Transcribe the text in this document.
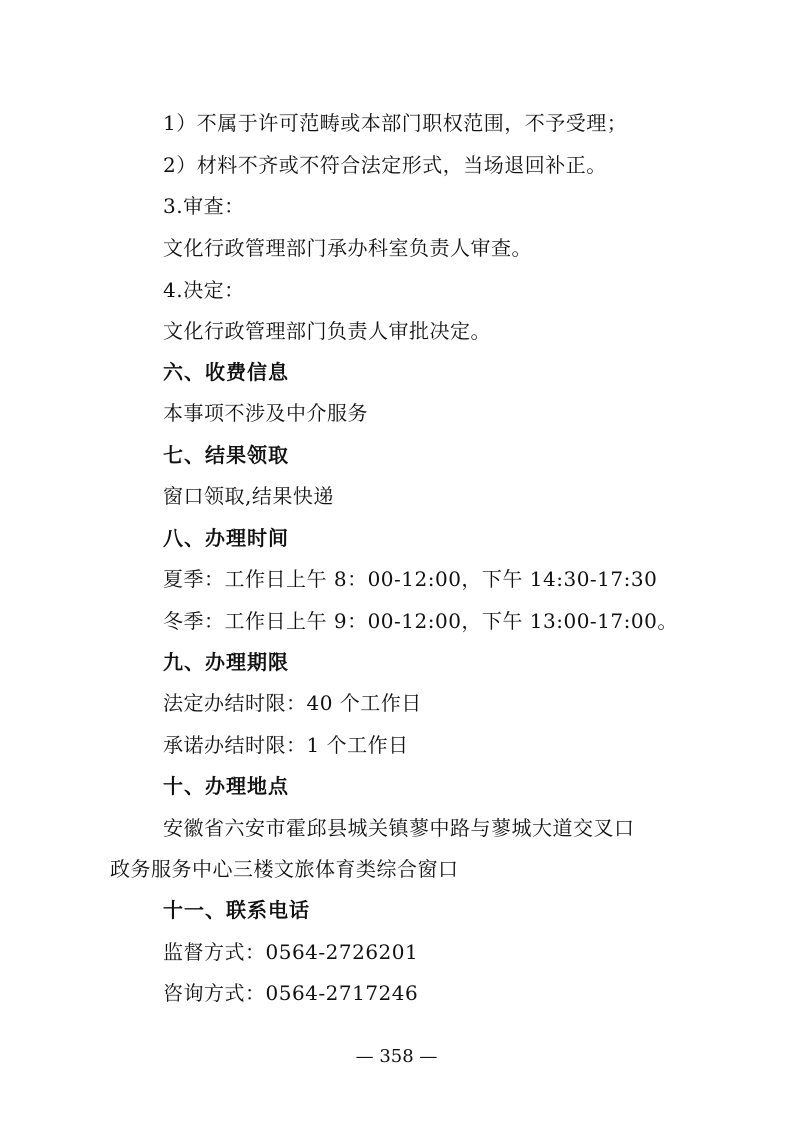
1）不属于许可范畴或本部门职权范围，不予受理；
2）材料不齐或不符合法定形式，当场退回补正。
3.审查：
文化行政管理部门承办科室负责人审查。
4.决定：
文化行政管理部门负责人审批决定。
六、收费信息
本事项不涉及中介服务
七、结果领取
窗口领取,结果快递
八、办理时间
夏季：工作日上午 8：00-12:00，下午 14:30-17:30
冬季：工作日上午 9：00-12:00，下午 13:00-17:00。
九、办理期限
法定办结时限：40 个工作日
承诺办结时限：1 个工作日
十、办理地点
安徽省六安市霍邱县城关镇蓼中路与蓼城大道交叉口
政务服务中心三楼文旅体育类综合窗口
十一、联系电话
监督方式：0564-2726201
咨询方式：0564-2717246
— 358 —
